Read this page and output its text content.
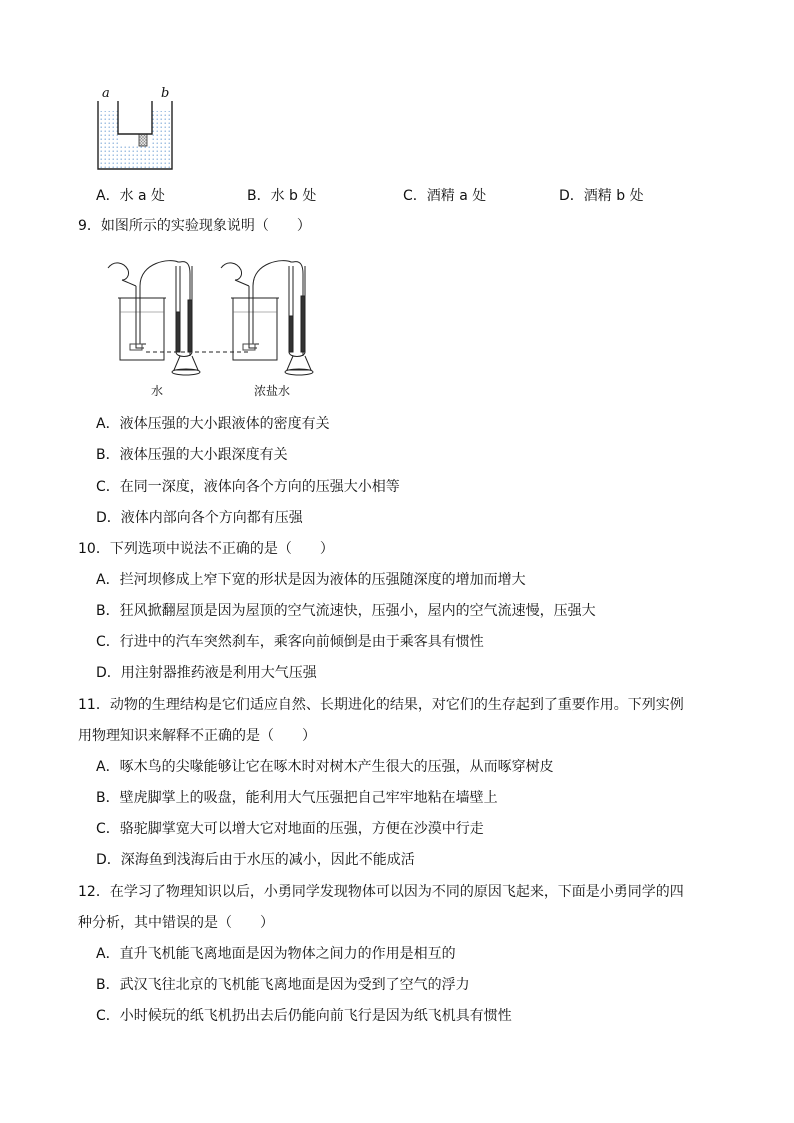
a	b
A．水 a 处	B．水 b 处	C．酒精 a 处	D．酒精 b 处
9．如图所示的实验现象说明（　　）
水	浓盐水
A．液体压强的大小跟液体的密度有关
B．液体压强的大小跟深度有关
C．在同一深度，液体向各个方向的压强大小相等
D．液体内部向各个方向都有压强
10．下列选项中说法不正确的是（　　）
A．拦河坝修成上窄下宽的形状是因为液体的压强随深度的增加而增大
B．狂风掀翻屋顶是因为屋顶的空气流速快，压强小，屋内的空气流速慢，压强大
C．行进中的汽车突然刹车，乘客向前倾倒是由于乘客具有惯性
D．用注射器推药液是利用大气压强
11．动物的生理结构是它们适应自然、长期进化的结果，对它们的生存起到了重要作用。下列实例
用物理知识来解释不正确的是（　　）
A．啄木鸟的尖喙能够让它在啄木时对树木产生很大的压强，从而啄穿树皮
B．壁虎脚掌上的吸盘，能利用大气压强把自己牢牢地粘在墙壁上
C．骆驼脚掌宽大可以增大它对地面的压强，方便在沙漠中行走
D．深海鱼到浅海后由于水压的减小，因此不能成活
12．在学习了物理知识以后，小勇同学发现物体可以因为不同的原因飞起来，下面是小勇同学的四
种分析，其中错误的是（　　）
A．直升飞机能飞离地面是因为物体之间力的作用是相互的
B．武汉飞往北京的飞机能飞离地面是因为受到了空气的浮力
C．小时候玩的纸飞机扔出去后仍能向前飞行是因为纸飞机具有惯性
